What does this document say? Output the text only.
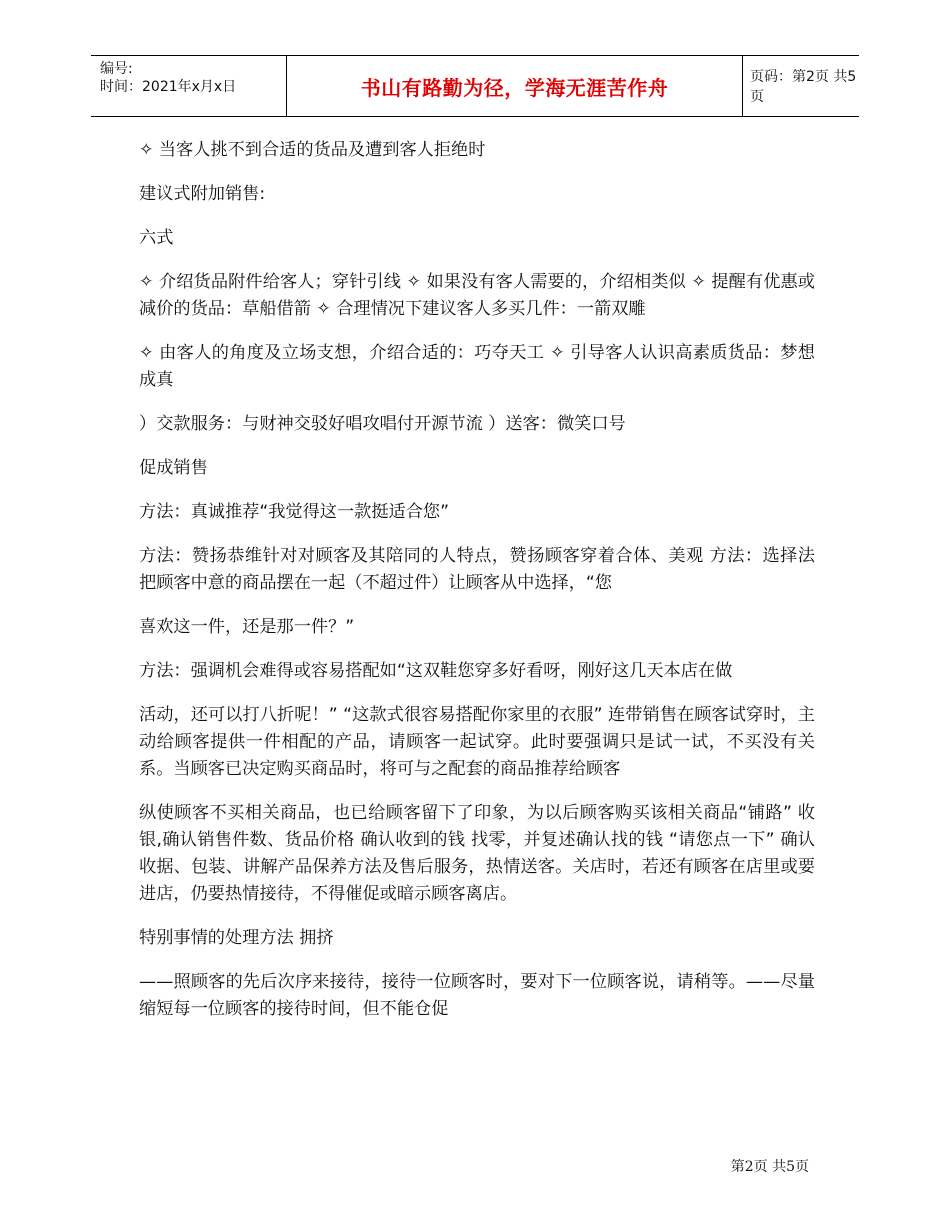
编号:
时间：2021年x月x日	书山有路勤为径，学海无涯苦作舟	页码：第2页 共5页

✧ 当客人挑不到合适的货品及遭到客人拒绝时

建议式附加销售:

六式

✧ 介绍货品附件给客人；穿针引线 ✧ 如果没有客人需要的，介绍相类似 ✧ 提醒有优惠或减价的货品：草船借箭 ✧ 合理情况下建议客人多买几件：一箭双雕

✧ 由客人的角度及立场支想，介绍合适的：巧夺天工 ✧ 引导客人认识高素质货品：梦想成真

）交款服务：与财神交驳好唱攻唱付开源节流 ）送客：微笑口号

促成销售

方法：真诚推荐“我觉得这一款挺适合您”

方法：赞扬恭维针对对顾客及其陪同的人特点，赞扬顾客穿着合体、美观 方法：选择法 把顾客中意的商品摆在一起（不超过件）让顾客从中选择，“您

喜欢这一件，还是那一件？”

方法：强调机会难得或容易搭配如“这双鞋您穿多好看呀，刚好这几天本店在做

活动，还可以打八折呢！” “这款式很容易搭配你家里的衣服” 连带销售在顾客试穿时，主动给顾客提供一件相配的产品，请顾客一起试穿。此时要强调只是试一试，不买没有关系。当顾客已决定购买商品时，将可与之配套的商品推荐给顾客

纵使顾客不买相关商品，也已给顾客留下了印象，为以后顾客购买该相关商品“铺路” 收银,确认销售件数、货品价格 确认收到的钱 找零，并复述确认找的钱 “请您点一下” 确认收据、包装、讲解产品保养方法及售后服务，热情送客。关店时，若还有顾客在店里或要进店，仍要热情接待，不得催促或暗示顾客离店。

特别事情的处理方法 拥挤

——照顾客的先后次序来接待，接待一位顾客时，要对下一位顾客说，请稍等。——尽量缩短每一位顾客的接待时间，但不能仓促

第2页 共5页
